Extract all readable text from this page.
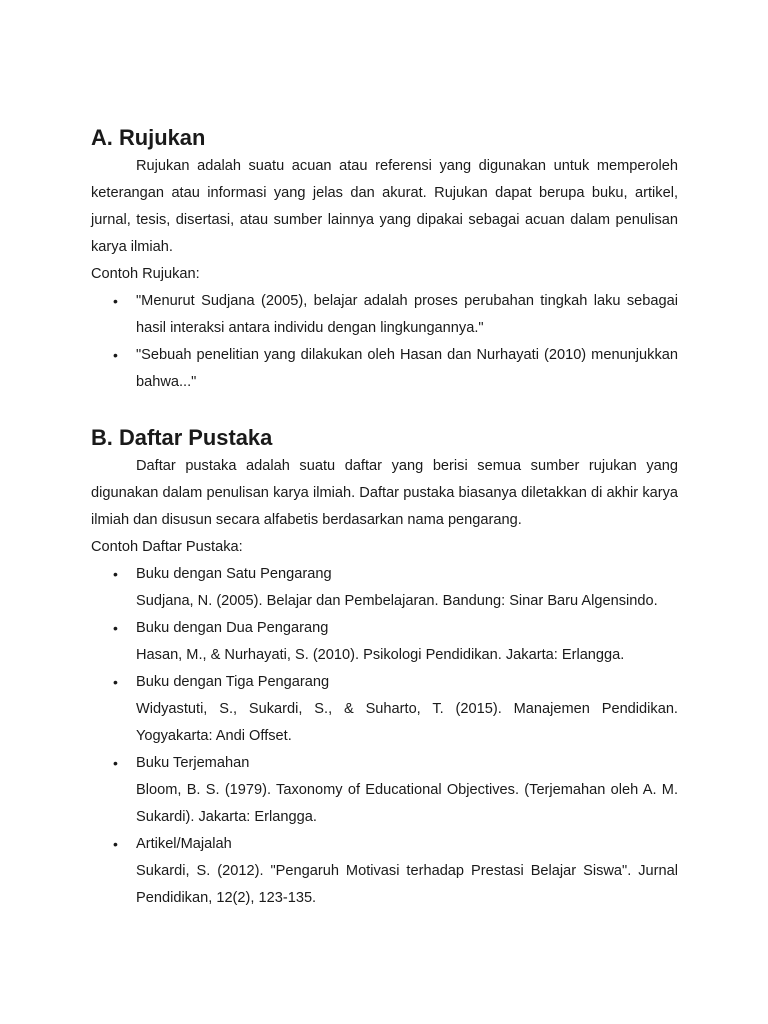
A. Rujukan

Rujukan adalah suatu acuan atau referensi yang digunakan untuk memperoleh keterangan atau informasi yang jelas dan akurat. Rujukan dapat berupa buku, artikel, jurnal, tesis, disertasi, atau sumber lainnya yang dipakai sebagai acuan dalam penulisan karya ilmiah.

Contoh Rujukan:

• "Menurut Sudjana (2005), belajar adalah proses perubahan tingkah laku sebagai hasil interaksi antara individu dengan lingkungannya."
• "Sebuah penelitian yang dilakukan oleh Hasan dan Nurhayati (2010) menunjukkan bahwa..."
B. Daftar Pustaka

Daftar pustaka adalah suatu daftar yang berisi semua sumber rujukan yang digunakan dalam penulisan karya ilmiah. Daftar pustaka biasanya diletakkan di akhir karya ilmiah dan disusun secara alfabetis berdasarkan nama pengarang.

Contoh Daftar Pustaka:

• Buku dengan Satu Pengarang
Sudjana, N. (2005). Belajar dan Pembelajaran. Bandung: Sinar Baru Algensindo.
• Buku dengan Dua Pengarang
Hasan, M., & Nurhayati, S. (2010). Psikologi Pendidikan. Jakarta: Erlangga.
• Buku dengan Tiga Pengarang
Widyastuti, S., Sukardi, S., & Suharto, T. (2015). Manajemen Pendidikan. Yogyakarta: Andi Offset.
• Buku Terjemahan
Bloom, B. S. (1979). Taxonomy of Educational Objectives. (Terjemahan oleh A. M. Sukardi). Jakarta: Erlangga.
• Artikel/Majalah
Sukardi, S. (2012). "Pengaruh Motivasi terhadap Prestasi Belajar Siswa". Jurnal Pendidikan, 12(2), 123-135.
